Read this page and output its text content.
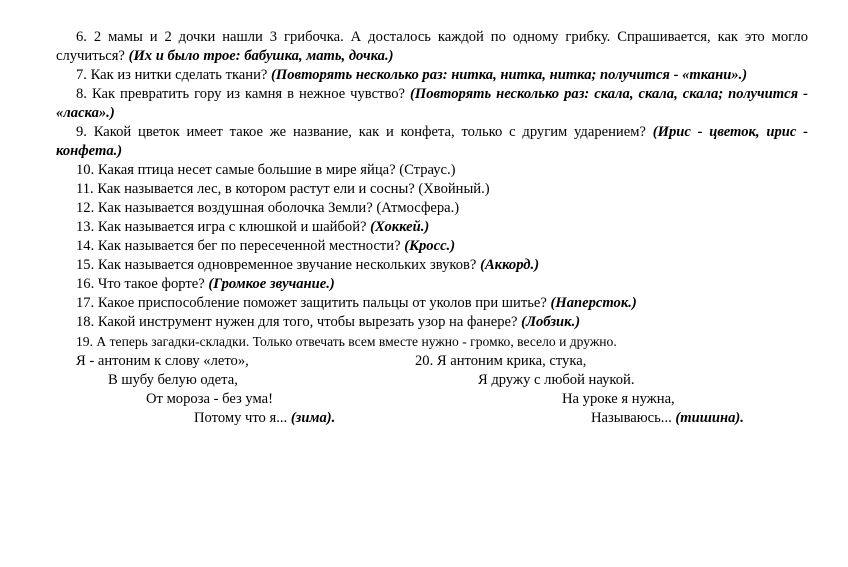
6. 2 мамы и 2 дочки нашли 3 грибочка. А досталось каждой по одному грибку. Спрашивается, как это могло случиться? (Их и было трое: бабушка, мать, дочка.)

7. Как из нитки сделать ткани? (Повторять несколько раз: нитка, нитка, нитка; получится - «ткани».)

8. Как превратить гору из камня в нежное чувство? (Повторять несколько раз: скала, скала, скала; получится - «ласка».)

9. Какой цветок имеет такое же название, как и конфета, только с другим ударением? (Ирис - цветок, ирис - конфета.)

10. Какая птица несет самые большие в мире яйца? (Страус.)

11. Как называется лес, в котором растут ели и сосны? (Хвойный.)

12. Как называется воздушная оболочка Земли? (Атмосфера.)

13. Как называется игра с клюшкой и шайбой? (Хоккей.)

14. Как называется бег по пересеченной местности? (Кросс.)

15. Как называется одновременное звучание нескольких звуков? (Аккорд.)

16. Что такое форте? (Громкое звучание.)

17. Какое приспособление поможет защитить пальцы от уколов при шитье? (Наперсток.)

18. Какой инструмент нужен для того, чтобы вырезать узор на фанере? (Лобзик.)

19. А теперь загадки-складки. Только отвечать всем вместе нужно - громко, весело и дружно.

Я - антоним к слову «лето»,

В шубу белую одета,

От мороза - без ума!

Потому что я... (зима).

20. Я антоним крика, стука,

Я дружу с любой наукой.

На уроке я нужна,

Называюсь... (тишина).
